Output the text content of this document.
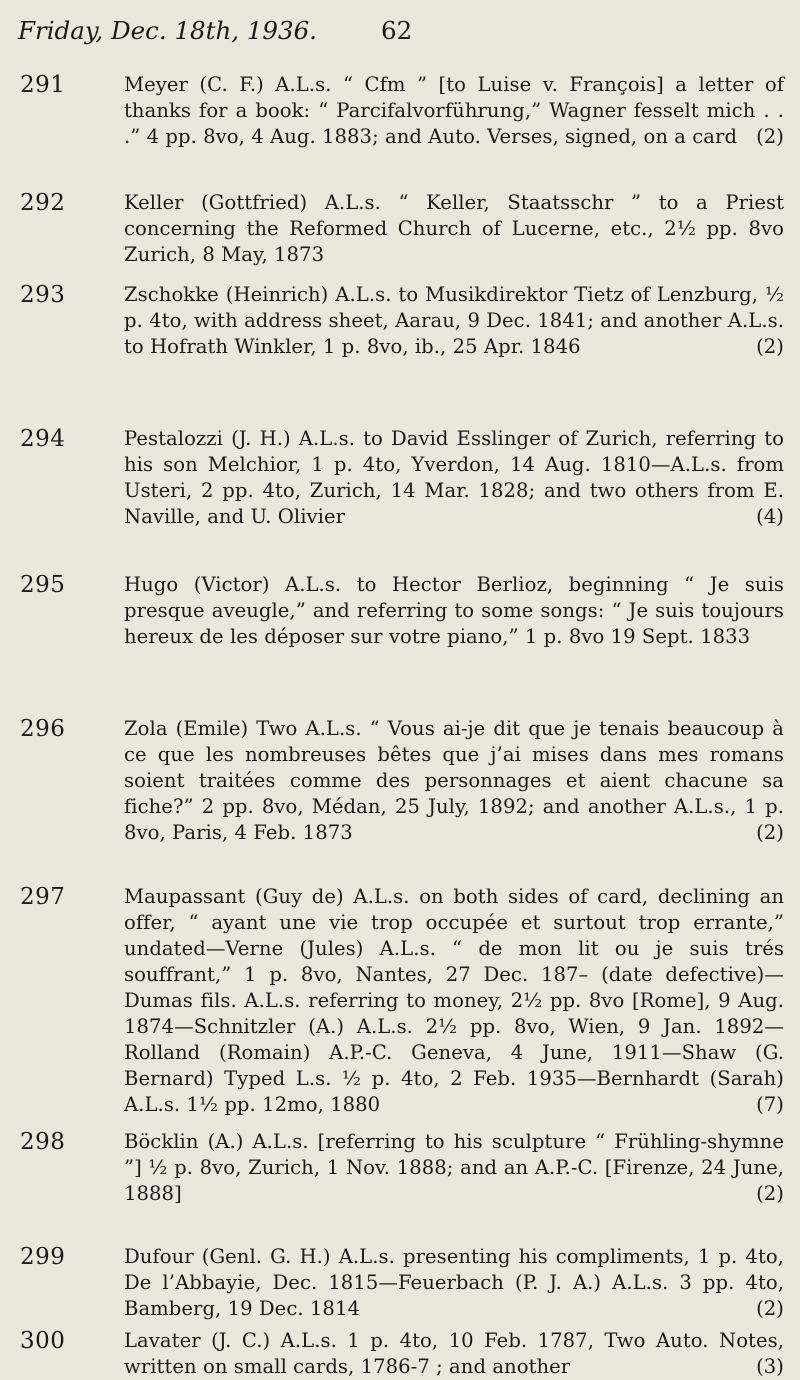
Friday, Dec. 18th, 1936.	62
291	Meyer (C. F.) A.L.s. “ Cfm ” [to Luise v. François] a letter of thanks for a book: “ Parcifalvorführung,” Wagner fesselt mich . . .” 4 pp. 8vo, 4 Aug. 1883; and Auto. Verses, signed, on a card (2)
292	Keller (Gottfried) A.L.s. “ Keller, Staatsschr ” to a Priest concerning the Reformed Church of Lucerne, etc., 2½ pp. 8vo Zurich, 8 May, 1873
293	Zschokke (Heinrich) A.L.s. to Musikdirektor Tietz of Lenzburg, ½ p. 4to, with address sheet, Aarau, 9 Dec. 1841; and another A.L.s. to Hofrath Winkler, 1 p. 8vo, ib., 25 Apr. 1846	(2)
294	Pestalozzi (J. H.) A.L.s. to David Esslinger of Zurich, referring to his son Melchior, 1 p. 4to, Yverdon, 14 Aug. 1810—A.L.s. from Usteri, 2 pp. 4to, Zurich, 14 Mar. 1828; and two others from E. Naville, and U. Olivier	(4)
295	Hugo (Victor) A.L.s. to Hector Berlioz, beginning “ Je suis presque aveugle,” and referring to some songs: “ Je suis toujours hereux de les déposer sur votre piano,” 1 p. 8vo 19 Sept. 1833
296	Zola (Emile) Two A.L.s. “ Vous ai-je dit que je tenais beaucoup à ce que les nombreuses bêtes que j’ai mises dans mes romans soient traitées comme des personnages et aient chacune sa fiche?” 2 pp. 8vo, Médan, 25 July, 1892; and another A.L.s., 1 p. 8vo, Paris, 4 Feb. 1873	(2)
297	Maupassant (Guy de) A.L.s. on both sides of card, declining an offer, “ ayant une vie trop occupée et surtout trop errante,” undated—Verne (Jules) A.L.s. “ de mon lit ou je suis trés souffrant,” 1 p. 8vo, Nantes, 27 Dec. 187– (date defective)—Dumas fils. A.L.s. referring to money, 2½ pp. 8vo [Rome], 9 Aug. 1874—Schnitzler (A.) A.L.s. 2½ pp. 8vo, Wien, 9 Jan. 1892—Rolland (Romain) A.P.-C. Geneva, 4 June, 1911—Shaw (G. Bernard) Typed L.s. ½ p. 4to, 2 Feb. 1935—Bernhardt (Sarah) A.L.s. 1½ pp. 12mo, 1880	(7)
298	Böcklin (A.) A.L.s. [referring to his sculpture “ Frühling-shymne ”] ½ p. 8vo, Zurich, 1 Nov. 1888; and an A.P.-C. [Firenze, 24 June, 1888]	(2)
299	Dufour (Genl. G. H.) A.L.s. presenting his compliments, 1 p. 4to, De l’Abbayie, Dec. 1815—Feuerbach (P. J. A.) A.L.s. 3 pp. 4to, Bamberg, 19 Dec. 1814	(2)
300	Lavater (J. C.) A.L.s. 1 p. 4to, 10 Feb. 1787, Two Auto. Notes, written on small cards, 1786-7 ; and another	(3)
